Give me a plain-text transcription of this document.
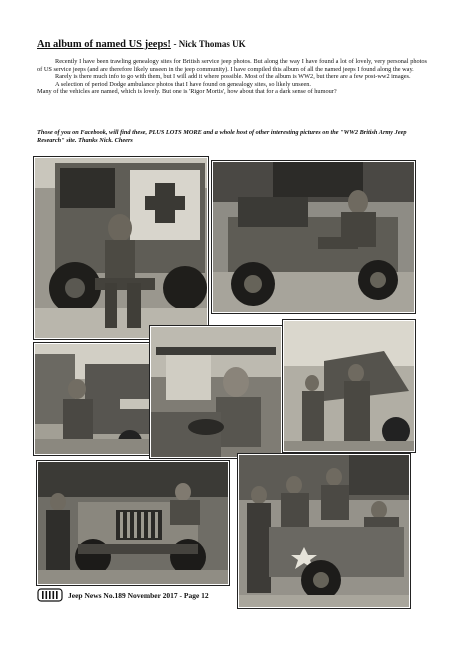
An album of named US jeeps! - Nick Thomas UK

Recently I have been trawling genealogy sites for British service jeep photos. But along the way I have found a lot of lovely, very personal photos of US service jeeps (and are therefore likely unseen in the jeep community). I have compiled this album of all the named jeeps I found along the way.

Rarely is there much info to go with them, but I will add it where possible. Most of the album is WW2, but there are a few post-ww2 images.

A selection of period Dodge ambulance photos that I have found on genealogy sites, so likely unseen.

Many of the vehicles are named, which is lovely. But one is 'Rigor Mortis', how about that for a dark sense of humour?

Those of you on Facebook, will find these, PLUS LOTS MORE and a whole host of other interesting pictures on the "WW2 British Army Jeep Research" site. Thanks Nick. Cheers
Jeep News No.189 November 2017 - Page 12
